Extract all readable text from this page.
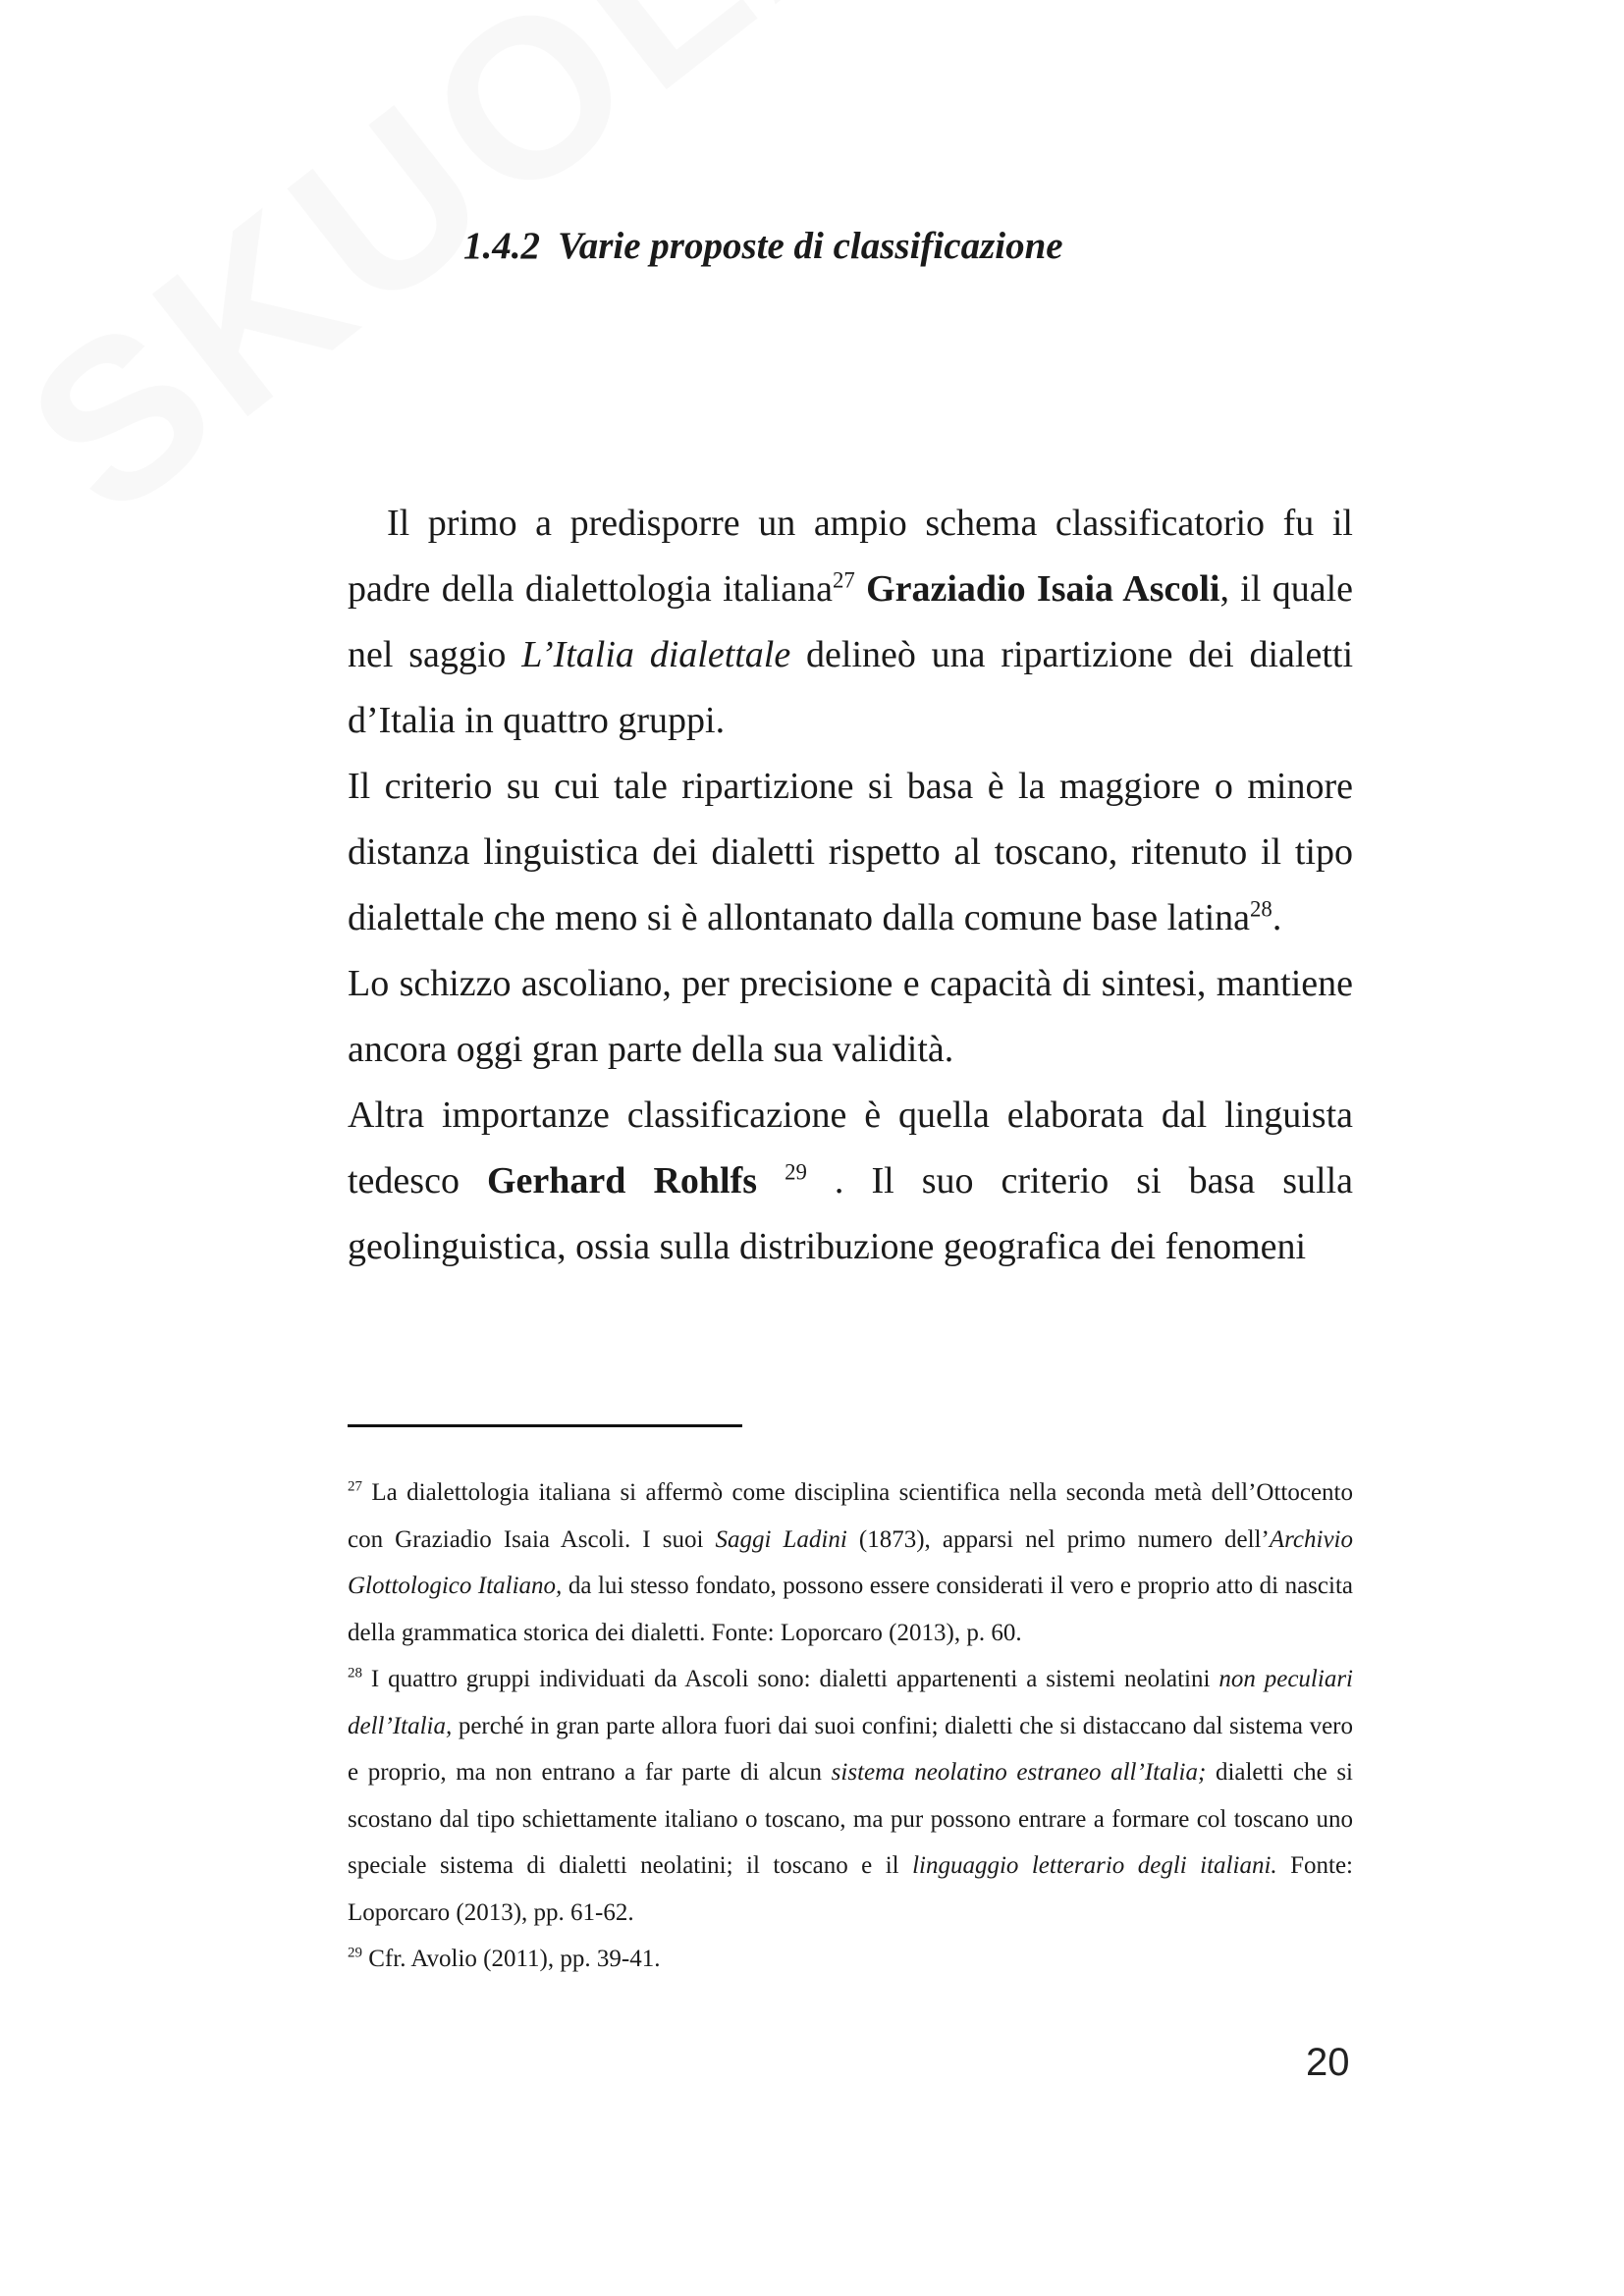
1.4.2 Varie proposte di classificazione

Il primo a predisporre un ampio schema classificatorio fu il padre della dialettologia italiana$^{27}$ Graziadio Isaia Ascoli, il quale nel saggio L’Italia dialettale delineò una ripartizione dei dialetti d’Italia in quattro gruppi.

Il criterio su cui tale ripartizione si basa è la maggiore o minore distanza linguistica dei dialetti rispetto al toscano, ritenuto il tipo dialettale che meno si è allontanato dalla comune base latina$^{28}$.

Lo schizzo ascoliano, per precisione e capacità di sintesi, mantiene ancora oggi gran parte della sua validità.

Altra importanze classificazione è quella elaborata dal linguista tedesco Gerhard Rohlfs $^{29}$ . Il suo criterio si basa sulla geolinguistica, ossia sulla distribuzione geografica dei fenomeni

$^{27}$ La dialettologia italiana si affermò come disciplina scientifica nella seconda metà dell’Ottocento con Graziadio Isaia Ascoli. I suoi Saggi Ladini (1873), apparsi nel primo numero dell’Archivio Glottologico Italiano, da lui stesso fondato, possono essere considerati il vero e proprio atto di nascita della grammatica storica dei dialetti. Fonte: Loporcaro (2013), p. 60.

$^{28}$ I quattro gruppi individuati da Ascoli sono: dialetti appartenenti a sistemi neolatini non peculiari dell’Italia, perché in gran parte allora fuori dai suoi confini; dialetti che si distaccano dal sistema vero e proprio, ma non entrano a far parte di alcun sistema neolatino estraneo all’Italia; dialetti che si scostano dal tipo schiettamente italiano o toscano, ma pur possono entrare a formare col toscano uno speciale sistema di dialetti neolatini; il toscano e il linguaggio letterario degli italiani. Fonte: Loporcaro (2013), pp. 61-62.

$^{29}$ Cfr. Avolio (2011), pp. 39-41.

20
